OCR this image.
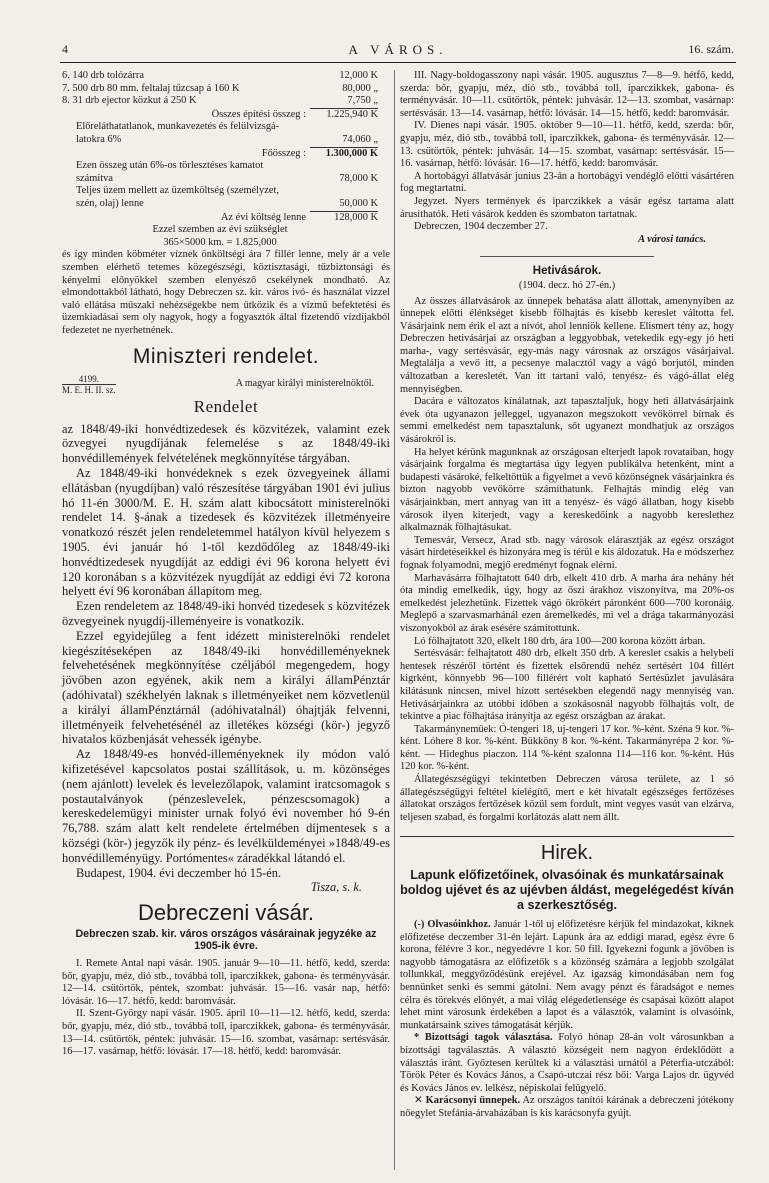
4	A VÁROS.	16. szám.
6. 140 drb tolózárra	12,000 K
7. 500 drb 80 mm. feltalaj tűzcsap á 160 K	80,000 „
8. 31 drb ejector közkut á 250 K	7,750 „
Összes építési összeg :	1.225,940 K
Előreláthatatlanok, munkavezetés és felülvizsgá-
latokra 6%	74,060 „
Főösszeg :	1.300,000 K
Ezen összeg után 6%-os törlesztéses kamatot
számítva	78,000 K
Teljes üzem mellett az üzemköltség (személyzet,
szén, olaj) lenne	50,000 K
Az évi költség lenne	128,000 K
Ezzel szemben az évi szükséglet
365×5000 km. = 1.825,000

és így minden köbméter víznek önköltségi ára 7 fillér lenne, mely ár a vele szemben elérhető tetemes közegészségi, köztisztasági, tűzbiztonsági és kényelmi előnyökkel szemben elenyésző csekélynek mondható. Az elmondottakból látható, hogy Debreczen sz. kir. város ivó- és használat vizzel való ellátása műszaki nehézségekbe nem ütközik és a vízmű befektetési és üzemkiadásai sem oly nagyok, hogy a fogyasztók által fizetendő vízdíjakból fedezetet ne nyerhetnének.

Miniszteri rendelet.
4199.
M. E. H. II. sz.
A magyar királyi ministerelnöktől.
Rendelet

az 1848/49-iki honvédtizedesek és közvitézek, valamint ezek özvegyei nyugdíjának felemelése s az 1848/49-iki honvédillemények felvételének megkönnyítése tárgyában.

Az 1848/49-iki honvédeknek s ezek özvegyeinek állami ellátásban (nyugdíjban) való részesítése tárgyában 1901 évi julius hó 11-én 3000/M. E. H. szám alatt kibocsátott ministerelnöki rendelet 14. §-ának a tizedesek és közvitézek illetményeire vonatkozó részét jelen rendeletemmel hatályon kívül helyezem s 1905. évi január hó 1-től kezdődőleg az 1848/49-iki honvédtizedesek nyugdíját az eddigi évi 96 korona helyett évi 120 koronában s a közvitézek nyugdíját az eddigi évi 72 korona helyett évi 96 koronában állapítom meg.

Ezen rendeletem az 1848/49-iki honvéd tizedesek s közvitézek özvegyeinek nyugdíj-illeményeire is vonatkozik.

Ezzel egyidejűleg a fent idézett ministerelnöki rendelet kiegészítéseképen az 1848/49-iki honvédilleményeknek felvehetésének megkönnyítése czéljából megengedem, hogy jövőben azon egyének, akik nem a királyi államPénztár (adóhivatal) székhelyén laknak s illetményeiket nem közvetlenül a királyi államPénztárnál (adóhivatalnál) óhajtják felvenni, illetményeik felvehetésénél az illetékes községi (kör-) jegyző hivatalos közbenjását vehessék igénybe.

Az 1848/49-es honvéd-illeményeknek ily módon való kifizetésével kapcsolatos postai szállítások, u. m. közönséges (nem ajánlott) levelek és levelezőlapok, valamint iratcsomagok s postautalványok (pénzesleveIek, pénzescsomagok) a kereskedelemügyi minister urnak folyó évi november hó 9-én 76,788. szám alatt kelt rendelete értelmében díjmentesek s a községi (kör-) jegyzők ily pénz- és levélküldeményei »1848/49-es honvédilleményügy. Portómentes« záradékkal látandó el.

Budapest, 1904. évi deczember hó 15-én.

Tisza, s. k.
Debreczeni vásár.
Debreczen szab. kir. város országos vásárainak jegyzéke az
1905-ik évre.

I. Remete Antal napi vásár. 1905. január 9—10—11. hétfő, kedd, szerda: bőr, gyapju, méz, dió stb., továbbá toll, iparczikkek, gabona- és terményvásár. 12—14. csütörtök, péntek, szombat: juhvásár. 15—16. vasár nap, hétfő: lóvásár. 16—17. hétfő, kedd: baromvásár.

II. Szent-György napi vásár. 1905. ápril 10—11—12. hétfő, kedd, szerda: bőr, gyapju, méz, dió stb., továbbá toll, iparczikkek, gabona- és terményvásár. 13—14. csütörtök, péntek: juhvásár. 15—16. szombat, vasárnap: sertésvásár. 16—17. vasárnap, hétfő: lóvásár. 17—18. hétfő, kedd: baromvásár.

III. Nagy-boldogasszony napi vásár. 1905. augusztus 7—8—9. hétfő, kedd, szerda: bőr, gyapju, méz, dió stb., továbbá toll, iparczikkek, gabona- és terményvásár. 10—11. csütörtök, péntek: juhvásár. 12—13. szombat, vasárnap: sertésvásár. 13—14. vasárnap, hétfő: lóvásár. 14—15. hétfő, kedd: baromvásár.

IV. Dienes napi vásár. 1905. október 9—10—11. hétfő, kedd, szerda: bőr, gyapju, méz, dió stb., továbbá toll, iparczikkek, gabona- és terményvásár. 12—13. csütörtök, péntek: juhvásár. 14—15. szombat, vasárnap: sertésvásár. 15—16. vasárnap, hétfő: lóvásár. 16—17. hétfő, kedd: baromvásár.

A hortobágyi állatvásár junius 23-án a hortobágyi vendéglő előtti vásártéren fog megtartatni.

Jegyzet. Nyers termények és iparczikkek a vásár egész tartama alatt árusíthatók. Heti vásárok kedden és szombaton tartatnak.

Debreczen, 1904 deczember 27.

A városi tanács.
Hetivásárok.
(1904. decz. hó 27-én.)

Az összes állatvásárok az ünnepek behatása alatt állottak, amenynyiben az ünnepek előtti élénkséget kisebb fölhajtás és kisebb kereslet váltotta fel. Vásárjaink nem érik el azt a nívót, ahol lenniök kellene. Elismert tény az, hogy Debreczen hetivásárjai az országban a leggyobbak, vetekedik egy-egy jó heti marha-, vagy sertésvásár, egy-más nagy városnak az országos vásárjaival. Megtalálja a vevő itt, a pecsenye malacztól vagy a vágó borjutól, minden változatban a keresletét. Van itt tartani való, tenyész- és vágó-állat elég mennyiségben.

Dacára e változatos kínálatnak, azt tapasztaljuk, hogy heti állatvásárjaink évek óta ugyanazon jelleggel, ugyanazon megszokott vevőkörrel bírnak és semmi emelkedést nem tapasztalunk, sőt ugyanezt mondhatjuk az országos vásárokról is.

Ha helyet kérünk magunknak az országosan elterjedt lapok rovataiban, hogy vásárjaink forgalma és megtartása úgy legyen publikálva hetenként, mint a budapesti vásároké, felkeltöttük a figyelmet a vevő közönségnek vásárjainkra és bizton nagyobb vevőkörre számíthatunk. Felhajtás mindig elég van vásárjainkban, mert annyag van itt a tenyész- és vágó állatban, hogy kisebb városok ilyen kiterjedt, vagy a kereskedőink a nagyobb kereslethez alkalmaznák fölhajtásukat.

Temesvár, Versecz, Arad stb. nagy városok elárasztják az egész országot vásárt hirdetéseikkel és hizonyára meg is térül e kis áldozatuk. Ha e módszerhez fognak folyamodni, megjő eredményt fognak elérni.

Marhavásárra fölhajtatott 640 drb, elkelt 410 drb. A marha ára nehány hét óta mindig emelkedik, úgy, hogy az őszi árakhoz viszonyítva, ma 20%-os emelkedést jelezhetünk. Fizettek vágó ökrökért páronként 600—700 koronáig. Meglepő a szarvasmarhánál ezen áremelkedés, mi vel a drága takarmányozási viszonyokból az árak esésére számítottunk.

Ló fölhajtatott 320, elkelt 180 drb, ára 100—200 korona között árban.

Sertésvásár: felhajtatott 480 drb, elkelt 350 drb. A kereslet csakis a helybeli hentesek részéről történt és fizettek elsőrendű nehéz sertésért 104 fillért kigrként, könnyebb 96—100 fillérért volt kapható Sertésüzlet javulására kilátásunk nincsen, mivel hízott sertésekben elegendő nagy mennyiség van. Hetivásárjainkra az utóbbi időben a szokásosnál nagyobb fölhajtás volt, de tekintve a piac fölhajtása irányítja az egész országban az árakat.

Takarmánynemüek: Ó-tengeri 18, uj-tengeri 17 kor. %-ként. Széna 9 kor. %-ként. Lóhere 8 kor. %-ként. Bükköny 8 kor. %-ként. Takarmányrépa 2 kor. %-ként. — Hideghus piaczon. 114 %-ként szalonna 114—116 kor. %-ként. Hús 120 kor. %-ként.

Állategészségügyi tekintetben Debreczen városa területe, az 1 só állategészségügyi feltétel kielégítő, mert e két hivatalt egészséges fertőzéses állatokat országos fertőzések közül sem fordult, mint vegyes vasút van elzárva, teljesen szabad, és forgalmi korlátozás alatt nem állt.

Hirek.
Lapunk előfizetőinek, olvasóinak és munkatársainak boldog ujévet és az ujévben áldást, megelégedést kíván a szerkesztőség.

(-) Olvasóinkhoz. Január 1-től uj előfizetésre kérjük fel mindazokat, kiknek előfizetése deczember 31-én lejárt. Lapunk ára az eddigi marad, egész évre 6 korona, félévre 3 kor., negyedévre 1 kor. 50 fill. Igyekezni fogunk a jövőben is nagyobb támogatásra az előfizetők s a közönség számára a legjobb szolgálat tollunkkal, meggyőződésünk erejével. Az igazság kimondásában nem fog bennünket senki és semmi gátolni. Nem avagy pénzt és fáradságot e nemes célra és törekvés előnyét, a mai világ elégedetlensége és csapásai között alapot lehet mint városunk érdekében a lapot és a választók, valamint is olvasóink, munkatársaink szives támogatását kérjük.

* Bizottsági tagok választása. Folyó hónap 28-án volt városunkban a bizottsági tagválasztás. A választó községeit nem nagyon érdeklődött a választás iránt. Győztesen kerültek ki a választási urnától a Péterfia-utczából: Török Péter és Kovács János, a Csapó-utczai rész bői: Varga Lajos dr. ügyvéd és Kovács János ev. lelkész, népiskolai felügyelő.

✕ Karácsonyi ünnepek. Az országos tanítói kárának a debreczeni jótékony nőegylet Stefánia-árvaházában is kis karácsonyfa gyújt.
